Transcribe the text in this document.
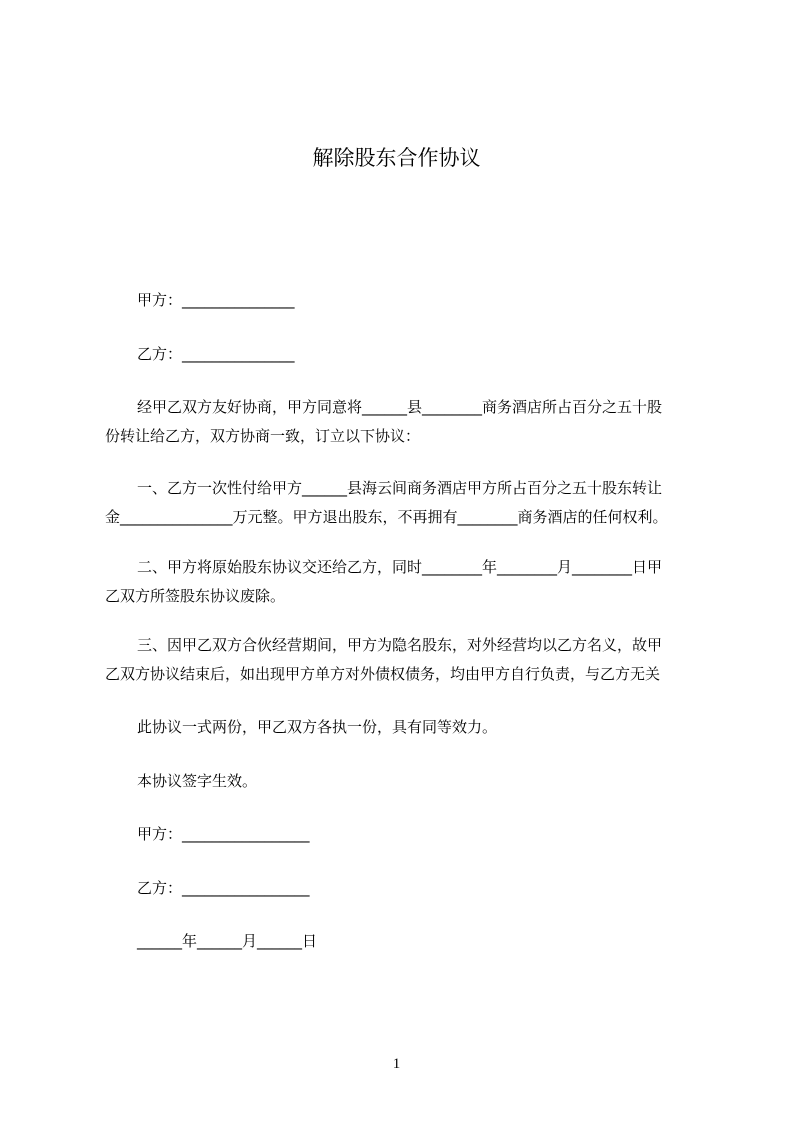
解除股东合作协议
甲方：_______________
乙方：_______________
经甲乙双方友好协商，甲方同意将______县________商务酒店所占百分之五十股
份转让给乙方，双方协商一致，订立以下协议：
一、乙方一次性付给甲方______县海云间商务酒店甲方所占百分之五十股东转让
金_______________万元整。甲方退出股东，不再拥有________商务酒店的任何权利。
二、甲方将原始股东协议交还给乙方，同时________年________月________日甲
乙双方所签股东协议废除。
三、因甲乙双方合伙经营期间，甲方为隐名股东，对外经营均以乙方名义，故甲
乙双方协议结束后，如出现甲方单方对外债权债务，均由甲方自行负责，与乙方无关
此协议一式两份，甲乙双方各执一份，具有同等效力。
本协议签字生效。
甲方：_________________
乙方：_________________
______年______月______日
1
